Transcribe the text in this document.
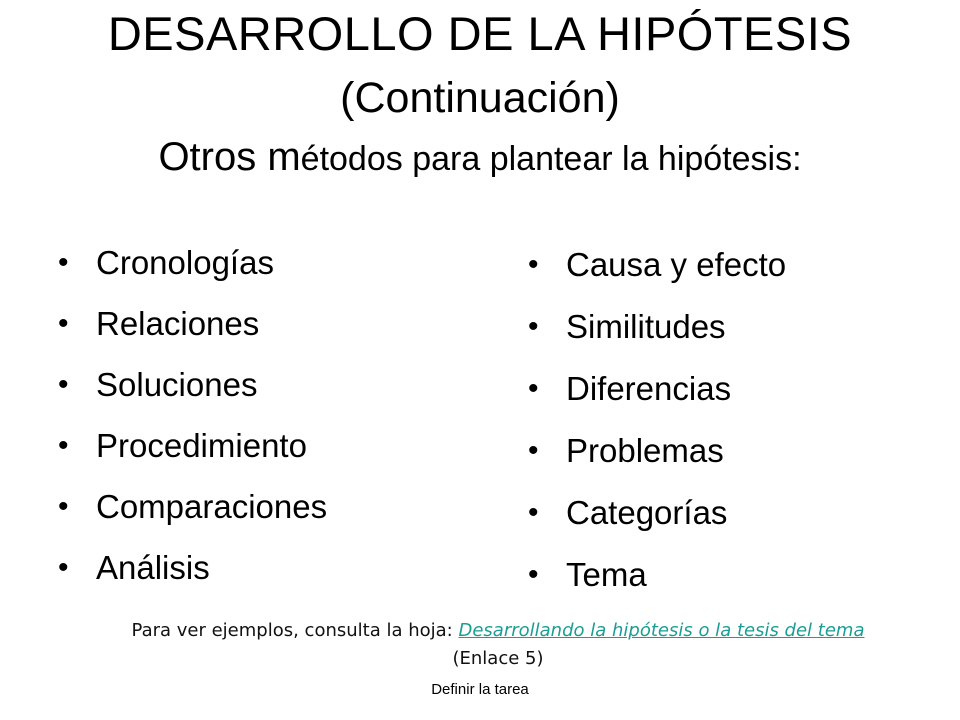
DESARROLLO DE LA HIPÓTESIS
(Continuación)
Otros métodos para plantear la hipótesis:
• Cronologías
• Relaciones
• Soluciones
• Procedimiento
• Comparaciones
• Análisis
• Causa y efecto
• Similitudes
• Diferencias
• Problemas
• Categorías
• Tema
Para ver ejemplos, consulta la hoja: Desarrollando la hipótesis o la tesis del tema
(Enlace 5)
Definir la tarea
